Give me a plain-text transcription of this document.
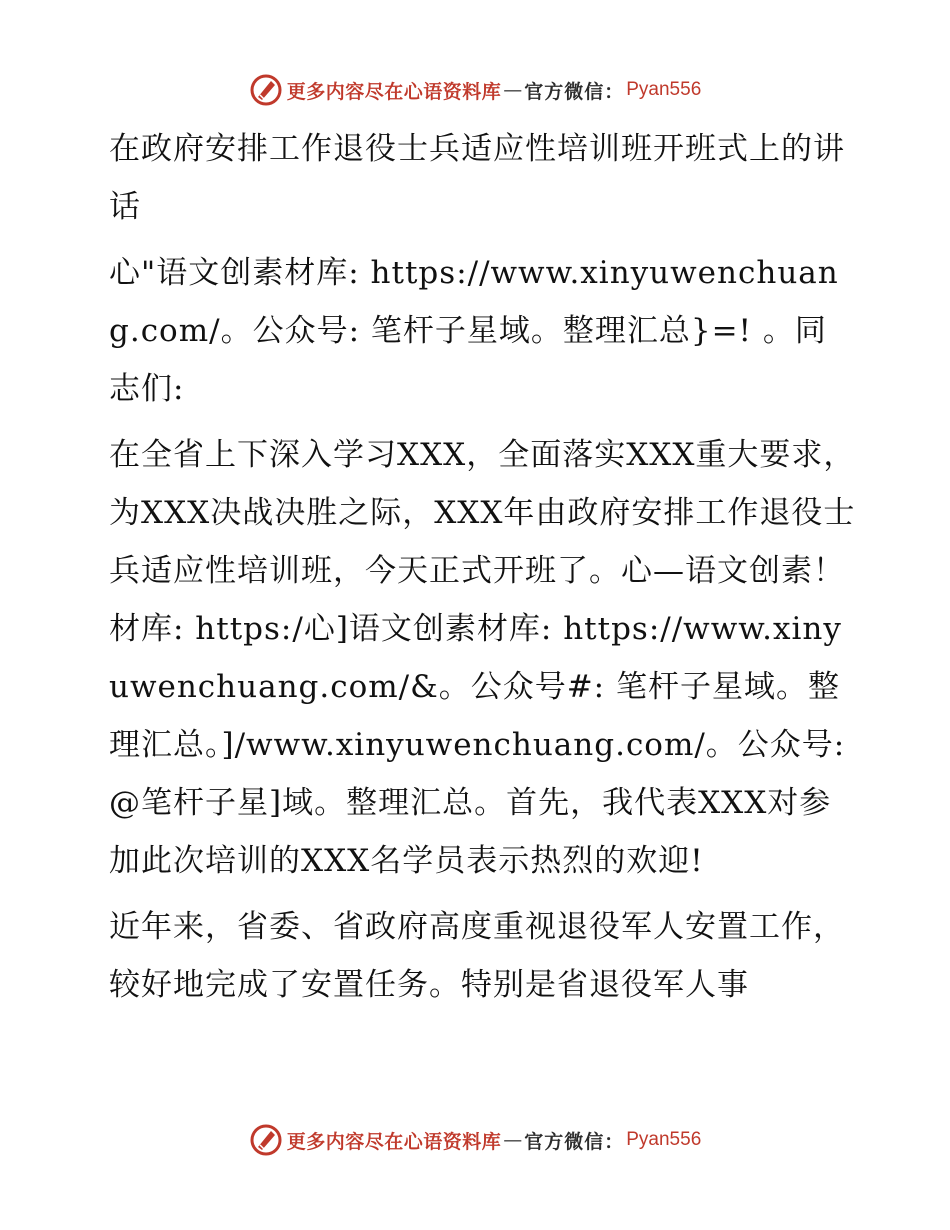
更多内容尽在心语资料库 — 官方微信： Pyan556

在政府安排工作退役士兵适应性培训班开班式上的讲话

心"语文创素材库: https://www.xinyuwenchuang.com/。公众号: 笔杆子星域。整理汇总}=! 。同志们:

在全省上下深入学习XXX，全面落实XXX重大要求，为XXX决战决胜之际，XXX年由政府安排工作退役士兵适应性培训班，今天正式开班了。心—语文创素！材库: https:/心]语文创素材库: https://www.xinyuwenchuang.com/&。公众号#: 笔杆子星域。整理汇总。]/www.xinyuwenchuang.com/。公众号: @笔杆子星]域。整理汇总。首先，我代表XXX对参加此次培训的XXX名学员表示热烈的欢迎!

近年来，省委、省政府高度重视退役军人安置工作，较好地完成了安置任务。特别是省退役军人事

更多内容尽在心语资料库 — 官方微信： Pyan556
